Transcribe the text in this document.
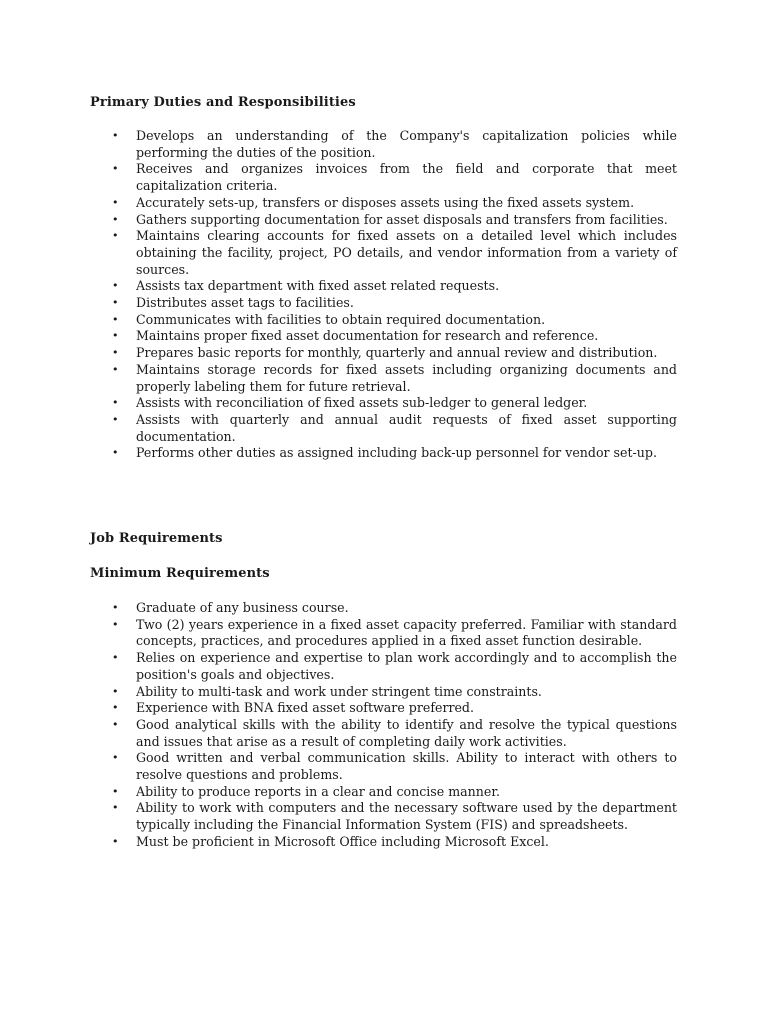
Primary Duties and Responsibilities
• Develops an understanding of the Company's capitalization policies while performing the duties of the position.
• Receives and organizes invoices from the field and corporate that meet capitalization criteria.
• Accurately sets-up, transfers or disposes assets using the fixed assets system.
• Gathers supporting documentation for asset disposals and transfers from facilities.
• Maintains clearing accounts for fixed assets on a detailed level which includes obtaining the facility, project, PO details, and vendor information from a variety of sources.
• Assists tax department with fixed asset related requests.
• Distributes asset tags to facilities.
• Communicates with facilities to obtain required documentation.
• Maintains proper fixed asset documentation for research and reference.
• Prepares basic reports for monthly, quarterly and annual review and distribution.
• Maintains storage records for fixed assets including organizing documents and properly labeling them for future retrieval.
• Assists with reconciliation of fixed assets sub-ledger to general ledger.
• Assists with quarterly and annual audit requests of fixed asset supporting documentation.
• Performs other duties as assigned including back-up personnel for vendor set-up.
Job Requirements
Minimum Requirements
• Graduate of any business course.
• Two (2) years experience in a fixed asset capacity preferred. Familiar with standard concepts, practices, and procedures applied in a fixed asset function desirable.
• Relies on experience and expertise to plan work accordingly and to accomplish the position's goals and objectives.
• Ability to multi-task and work under stringent time constraints.
• Experience with BNA fixed asset software preferred.
• Good analytical skills with the ability to identify and resolve the typical questions and issues that arise as a result of completing daily work activities.
• Good written and verbal communication skills. Ability to interact with others to resolve questions and problems.
• Ability to produce reports in a clear and concise manner.
• Ability to work with computers and the necessary software used by the department typically including the Financial Information System (FIS) and spreadsheets.
• Must be proficient in Microsoft Office including Microsoft Excel.
